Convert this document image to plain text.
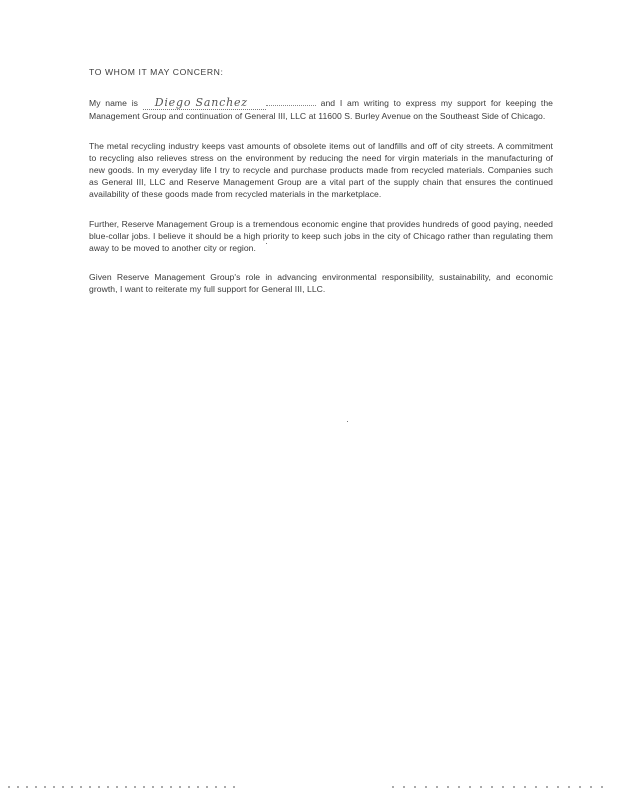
TO WHOM IT MAY CONCERN:

My name is Diego Sanchez	and I am writing to express my support for keeping the Management Group and continuation of General III, LLC at 11600 S. Burley Avenue on the Southeast Side of Chicago.

The metal recycling industry keeps vast amounts of obsolete items out of landfills and off of city streets. A commitment to recycling also relieves stress on the environment by reducing the need for virgin materials in the manufacturing of new goods. In my everyday life I try to recycle and purchase products made from recycled materials. Companies such as General III, LLC and Reserve Management Group are a vital part of the supply chain that ensures the continued availability of these goods made from recycled materials in the marketplace.

Further, Reserve Management Group is a tremendous economic engine that provides hundreds of good paying, needed blue-collar jobs. I believe it should be a high priority to keep such jobs in the city of Chicago rather than regulating them away to be moved to another city or region.

Given Reserve Management Group's role in advancing environmental responsibility, sustainability, and economic growth, I want to reiterate my full support for General III, LLC.
